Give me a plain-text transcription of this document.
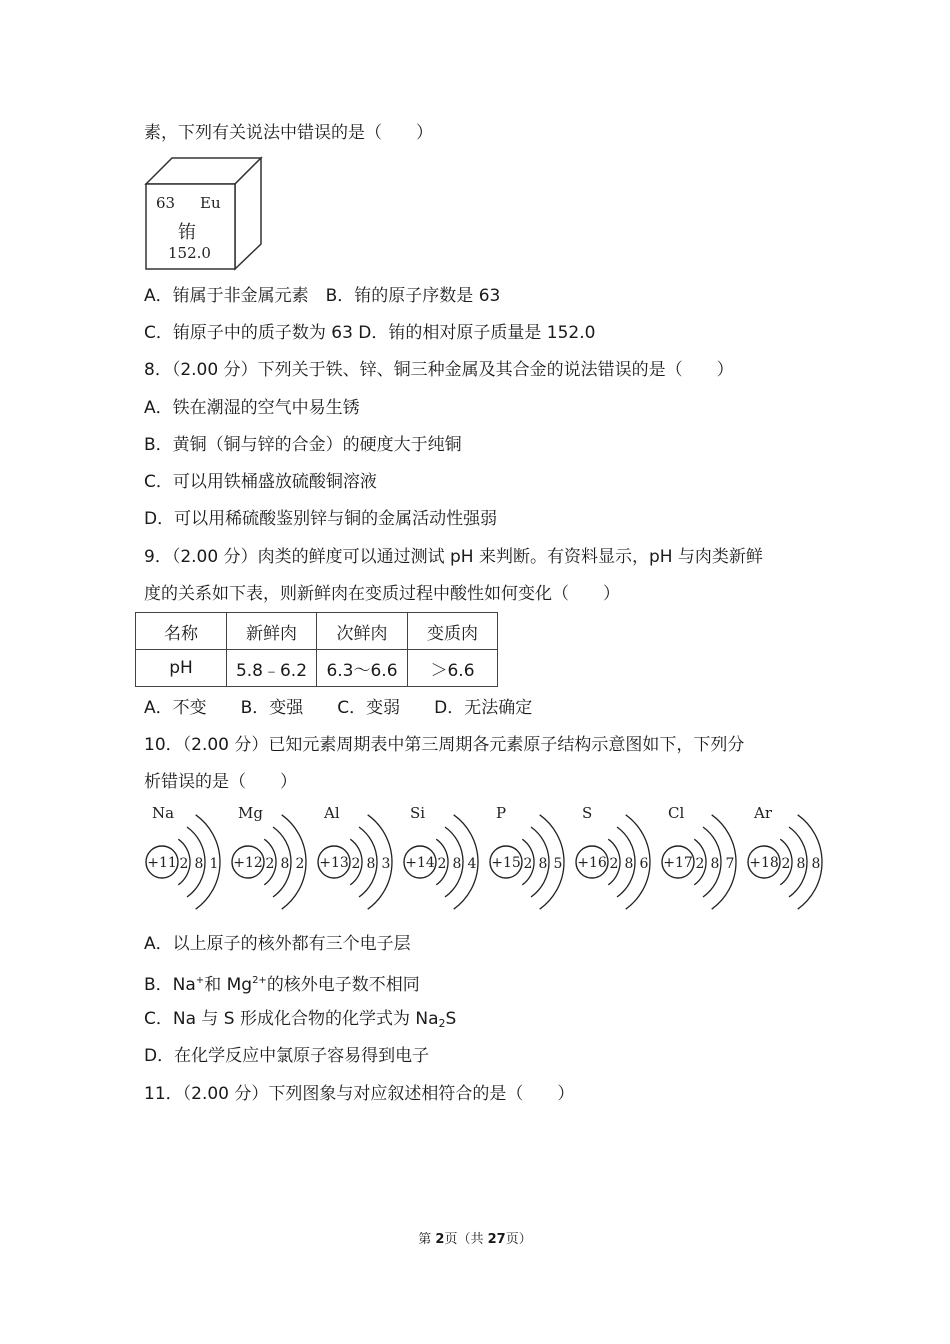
素，下列有关说法中错误的是（　　）
63 Eu
铕
152.0
A．铕属于非金属元素　B．铕的原子序数是 63
C．铕原子中的质子数为 63 D．铕的相对原子质量是 152.0
8．（2.00 分）下列关于铁、锌、铜三种金属及其合金的说法错误的是（　　）
A．铁在潮湿的空气中易生锈
B．黄铜（铜与锌的合金）的硬度大于纯铜
C．可以用铁桶盛放硫酸铜溶液
D．可以用稀硫酸鉴别锌与铜的金属活动性强弱
9．（2.00 分）肉类的鲜度可以通过测试 pH 来判断。有资料显示，pH 与肉类新鲜
度的关系如下表，则新鲜肉在变质过程中酸性如何变化（　　）
名称	新鲜肉	次鲜肉	变质肉
pH	5.8﹣6.2	6.3～6.6	＞6.6
A．不变　　B．变强　　C．变弱　　D．无法确定
10．（2.00 分）已知元素周期表中第三周期各元素原子结构示意图如下，下列分
析错误的是（　　）
Na
+11 2 8 1
Mg
+12 2 8 2
Al
+13 2 8 3
Si
+14 2 8 4
P
+15 2 8 5
S
+16 2 8 6
Cl
+17 2 8 7
Ar
+18 2 8 8
A．以上原子的核外都有三个电子层
B．Na+和 $Mg^{2+}$的核外电子数不相同
C．Na 与 S 形成化合物的化学式为 $Na_2S$
D．在化学反应中氯原子容易得到电子
11．（2.00 分）下列图象与对应叙述相符合的是（　　）
第 2页（共 27页）
